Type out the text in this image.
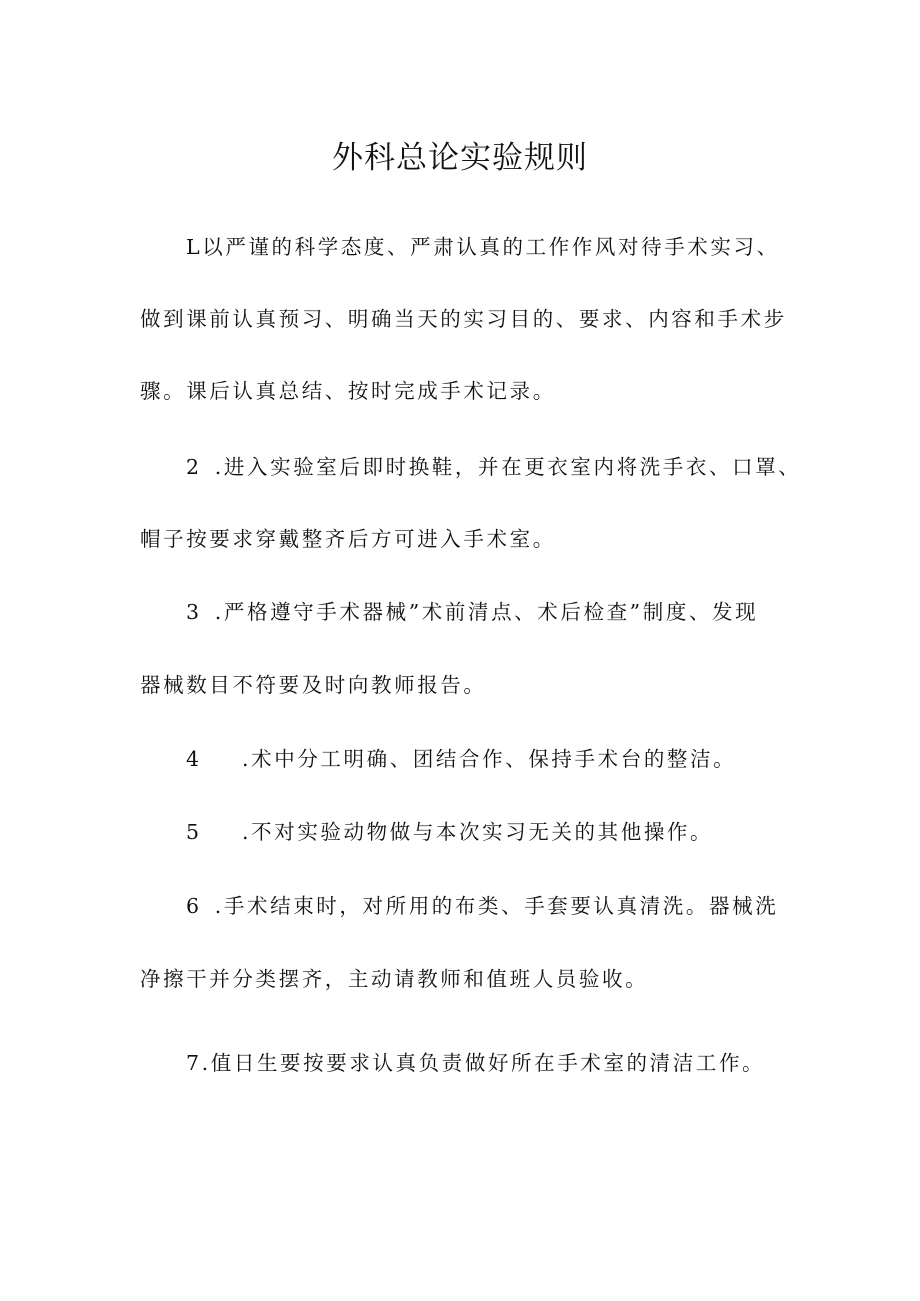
外科总论实验规则

L以严谨的科学态度、严肃认真的工作作风对待手术实习、

做到课前认真预习、明确当天的实习目的、要求、内容和手术步

骤。课后认真总结、按时完成手术记录。

2 .进入实验室后即时换鞋，并在更衣室内将洗手衣、口罩、

帽子按要求穿戴整齐后方可进入手术室。

3 .严格遵守手术器械”术前清点、术后检查”制度、发现

器械数目不符要及时向教师报告。

4 .术中分工明确、团结合作、保持手术台的整洁。

5 .不对实验动物做与本次实习无关的其他操作。

6 .手术结束时，对所用的布类、手套要认真清洗。器械洗

净擦干并分类摆齐，主动请教师和值班人员验收。

7.值日生要按要求认真负责做好所在手术室的清洁工作。
